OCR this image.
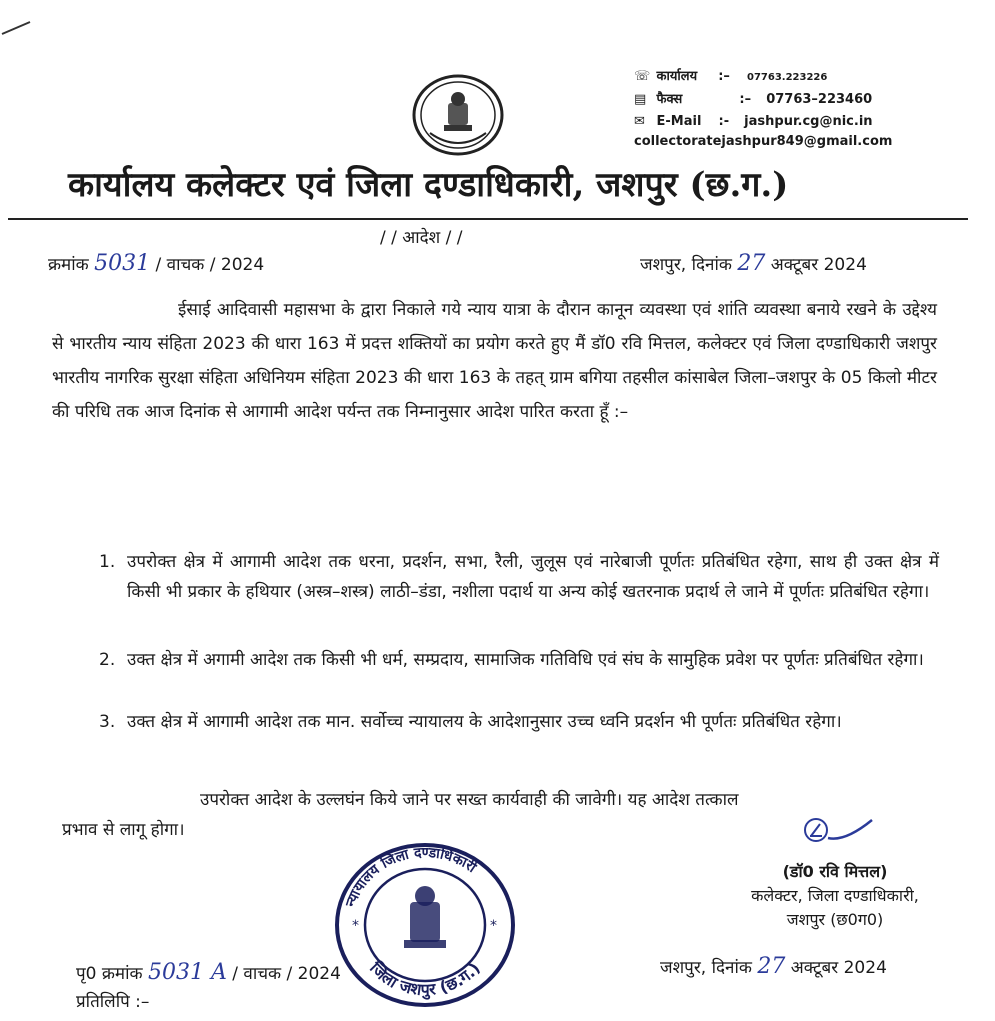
☏ कार्यालय :– 07763.223226
▤ फैक्स	:– 07763–223460
✉ E-Mail :- jashpur.cg@nic.in
collectoratejashpur849@gmail.com
कार्यालय कलेक्टर एवं जिला दण्डाधिकारी, जशपुर (छ.ग.)
/ / आदेश / /
क्रमांक 5031 / वाचक / 2024	जशपुर, दिनांक 27 अक्टूबर 2024
ईसाई आदिवासी महासभा के द्वारा निकाले गये न्याय यात्रा के दौरान कानून व्यवस्था एवं शांति व्यवस्था बनाये रखने के उद्देश्य से भारतीय न्याय संहिता 2023 की धारा 163 में प्रदत्त शक्तियों का प्रयोग करते हुए मैं डॉ0 रवि मित्तल, कलेक्टर एवं जिला दण्डाधिकारी जशपुर भारतीय नागरिक सुरक्षा संहिता अधिनियम संहिता 2023 की धारा 163 के तहत् ग्राम बगिया तहसील कांसाबेल जिला–जशपुर के 05 किलो मीटर की परिधि तक आज दिनांक से आगामी आदेश पर्यन्त तक निम्नानुसार आदेश पारित करता हूँ :–
1. उपरोक्त क्षेत्र में आगामी आदेश तक धरना, प्रदर्शन, सभा, रैली, जुलूस एवं नारेबाजी पूर्णतः प्रतिबंधित रहेगा, साथ ही उक्त क्षेत्र में किसी भी प्रकार के हथियार (अस्त्र–शस्त्र) लाठी–डंडा, नशीला पदार्थ या अन्य कोई खतरनाक प्रदार्थ ले जाने में पूर्णतः प्रतिबंधित रहेगा।
2. उक्त क्षेत्र में अगामी आदेश तक किसी भी धर्म, सम्प्रदाय, सामाजिक गतिविधि एवं संघ के सामुहिक प्रवेश पर पूर्णतः प्रतिबंधित रहेगा।
3. उक्त क्षेत्र में आगामी आदेश तक मान. सर्वोच्च न्यायालय के आदेशानुसार उच्च ध्वनि प्रदर्शन भी पूर्णतः प्रतिबंधित रहेगा।
उपरोक्त आदेश के उल्लघंन किये जाने पर सख्त कार्यवाही की जावेगी। यह आदेश तत्काल
प्रभाव से लागू होगा।
(डॉ0 रवि मित्तल)
कलेक्टर, जिला दण्डाधिकारी,
जशपुर (छ0ग0)
न्यायालय जिला दण्डाधिकारी
जिला जशपुर (छ.ग.)
*	*
पृ0 क्रमांक 5031 A / वाचक / 2024	जशपुर, दिनांक 27 अक्टूबर 2024
प्रतिलिपि :–
